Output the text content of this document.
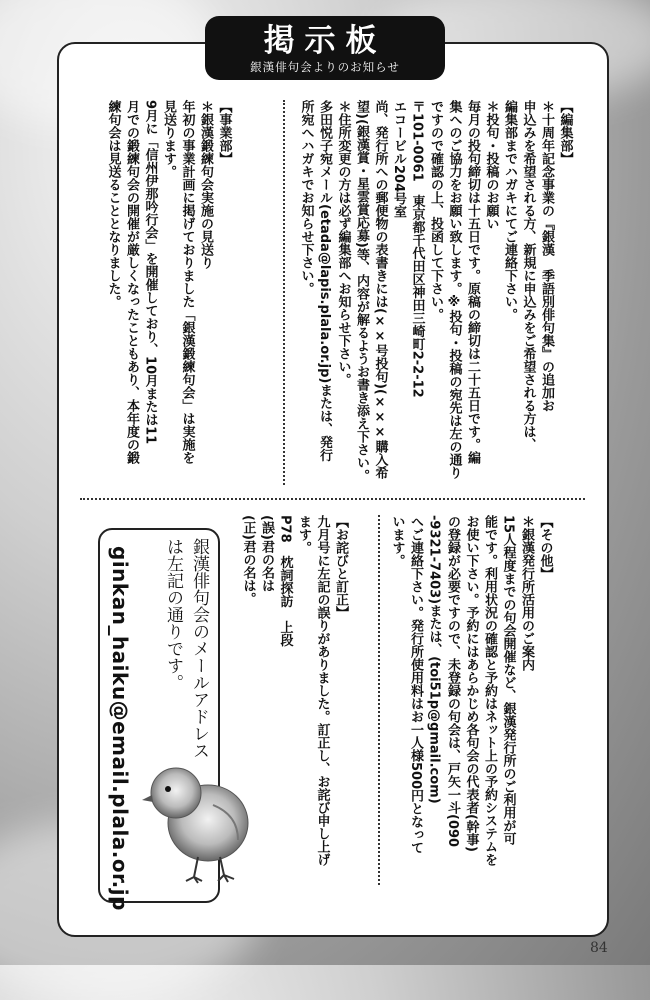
掲示板
銀漢俳句会よりのお知らせ

【編集部】

＊十周年記念事業の『銀漢　季語別俳句集』の追加お

申込みを希望される方、新規に申込みをご希望される方は、

編集部までハガキにてご連絡下さい。

＊投句・投稿のお願い

毎月の投句締切は十五日です。原稿の締切は二十五日です。編

集へのご協力をお願い致します。※投句・投稿の宛先は左の通り

ですので確認の上、投函して下さい。

〒101-0061　東京都千代田区神田三崎町2-2-12

エコービル204号室

尚、発行所への郵便物の表書きには(××号投句)(×××購入希

望)(銀漢賞・星雲賞応募)等、内容が解るようお書き添え下さい。

＊住所変更の方は必ず編集部へお知らせ下さい。

多田悦子宛メール(etada@lapis.plala.or.jp)または、発行

所宛へハガキでお知らせ下さい。

【事業部】

＊銀漢鍛練句会実施の見送り

年初の事業計画に掲げておりました「銀漢鍛練句会」は実施を

見送ります。

9月に「信州伊那吟行会」を開催しており、10月または11

月での鍛練句会の開催が厳しくなったこともあり、本年度の鍛

練句会は見送ることとなりました。

【その他】

＊銀漢発行所活用のご案内

15人程度までの句会開催など、銀漢発行所のご利用が可

能です。利用状況の確認と予約はネット上の予約システムを

お使い下さい。予約にはあらかじめ各句会の代表者(幹事)

の登録が必要ですので、未登録の句会は、戸矢一斗(090

-9321-7403)または、(toi51p@gmail.com)

へご連絡下さい。発行所使用料はお一人様500円となって

います。

【お詫びと訂正】

九月号に左記の誤りがありました。訂正し、お詫び申し上げ

ます。

P78　枕詞探訪　上段

(誤)君の名は

(正)君の名は。

銀漢俳句会のメールアドレス
は左記の通りです。
ginkan_haiku@email.plala.or.jp
84
